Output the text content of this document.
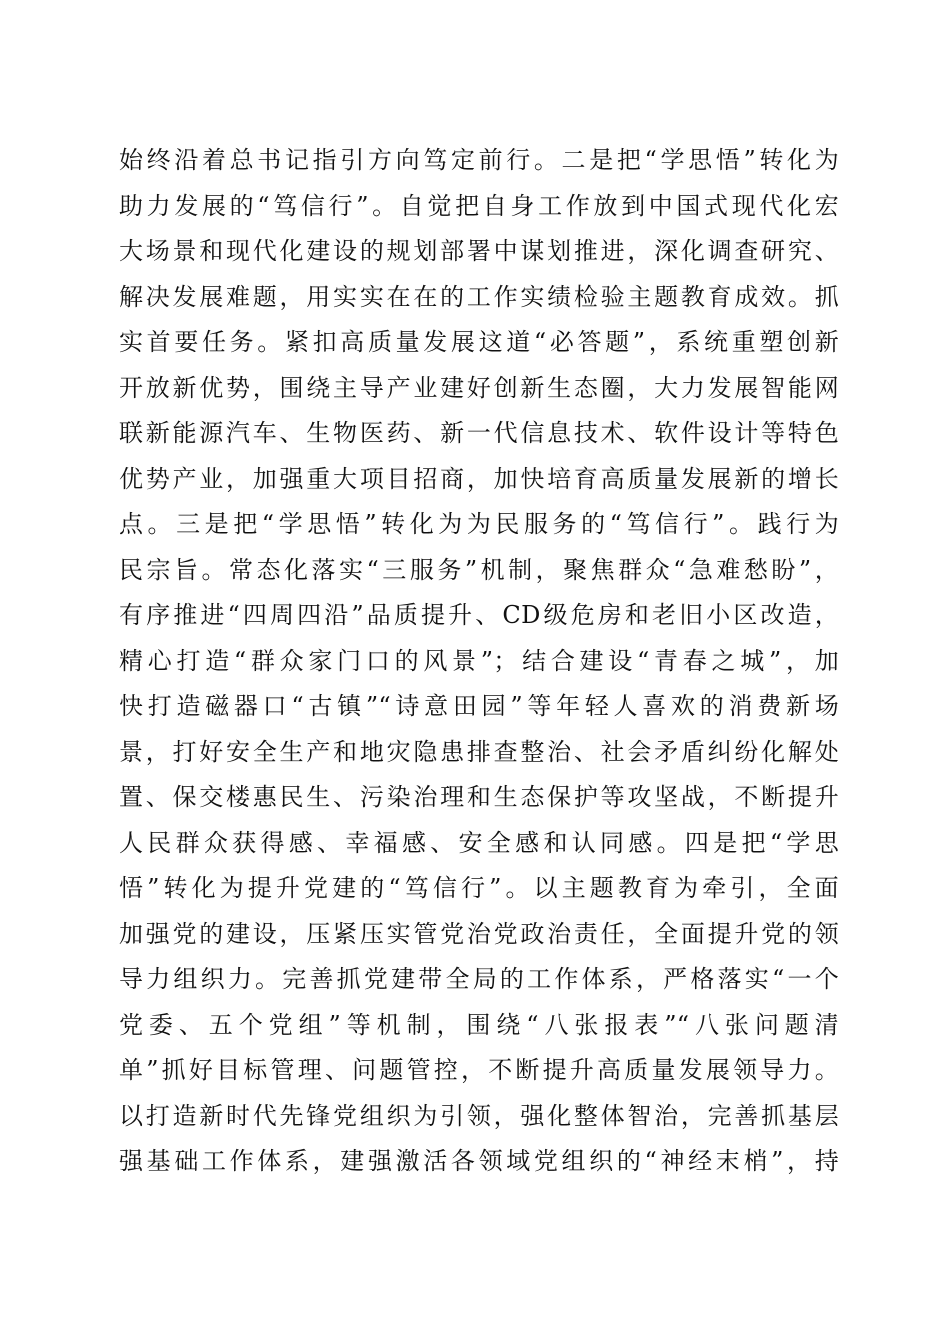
始终沿着总书记指引方向笃定前行。二是把“学思悟”转化为
助力发展的“笃信行”。自觉把自身工作放到中国式现代化宏
大场景和现代化建设的规划部署中谋划推进，深化调查研究、
解决发展难题，用实实在在的工作实绩检验主题教育成效。抓
实首要任务。紧扣高质量发展这道“必答题”，系统重塑创新
开放新优势，围绕主导产业建好创新生态圈，大力发展智能网
联新能源汽车、生物医药、新一代信息技术、软件设计等特色
优势产业，加强重大项目招商，加快培育高质量发展新的增长
点。三是把“学思悟”转化为为民服务的“笃信行”。践行为
民宗旨。常态化落实“三服务”机制，聚焦群众“急难愁盼”，
有序推进“四周四沿”品质提升、CD级危房和老旧小区改造，
精心打造“群众家门口的风景”；结合建设“青春之城”，加
快打造磁器口“古镇”“诗意田园”等年轻人喜欢的消费新场
景，打好安全生产和地灾隐患排查整治、社会矛盾纠纷化解处
置、保交楼惠民生、污染治理和生态保护等攻坚战，不断提升
人民群众获得感、幸福感、安全感和认同感。四是把“学思
悟”转化为提升党建的“笃信行”。以主题教育为牵引，全面
加强党的建设，压紧压实管党治党政治责任，全面提升党的领
导力组织力。完善抓党建带全局的工作体系，严格落实“一个
党委、五个党组”等机制，围绕“八张报表”“八张问题清
单”抓好目标管理、问题管控，不断提升高质量发展领导力。
以打造新时代先锋党组织为引领，强化整体智治，完善抓基层
强基础工作体系，建强激活各领域党组织的“神经末梢”，持
